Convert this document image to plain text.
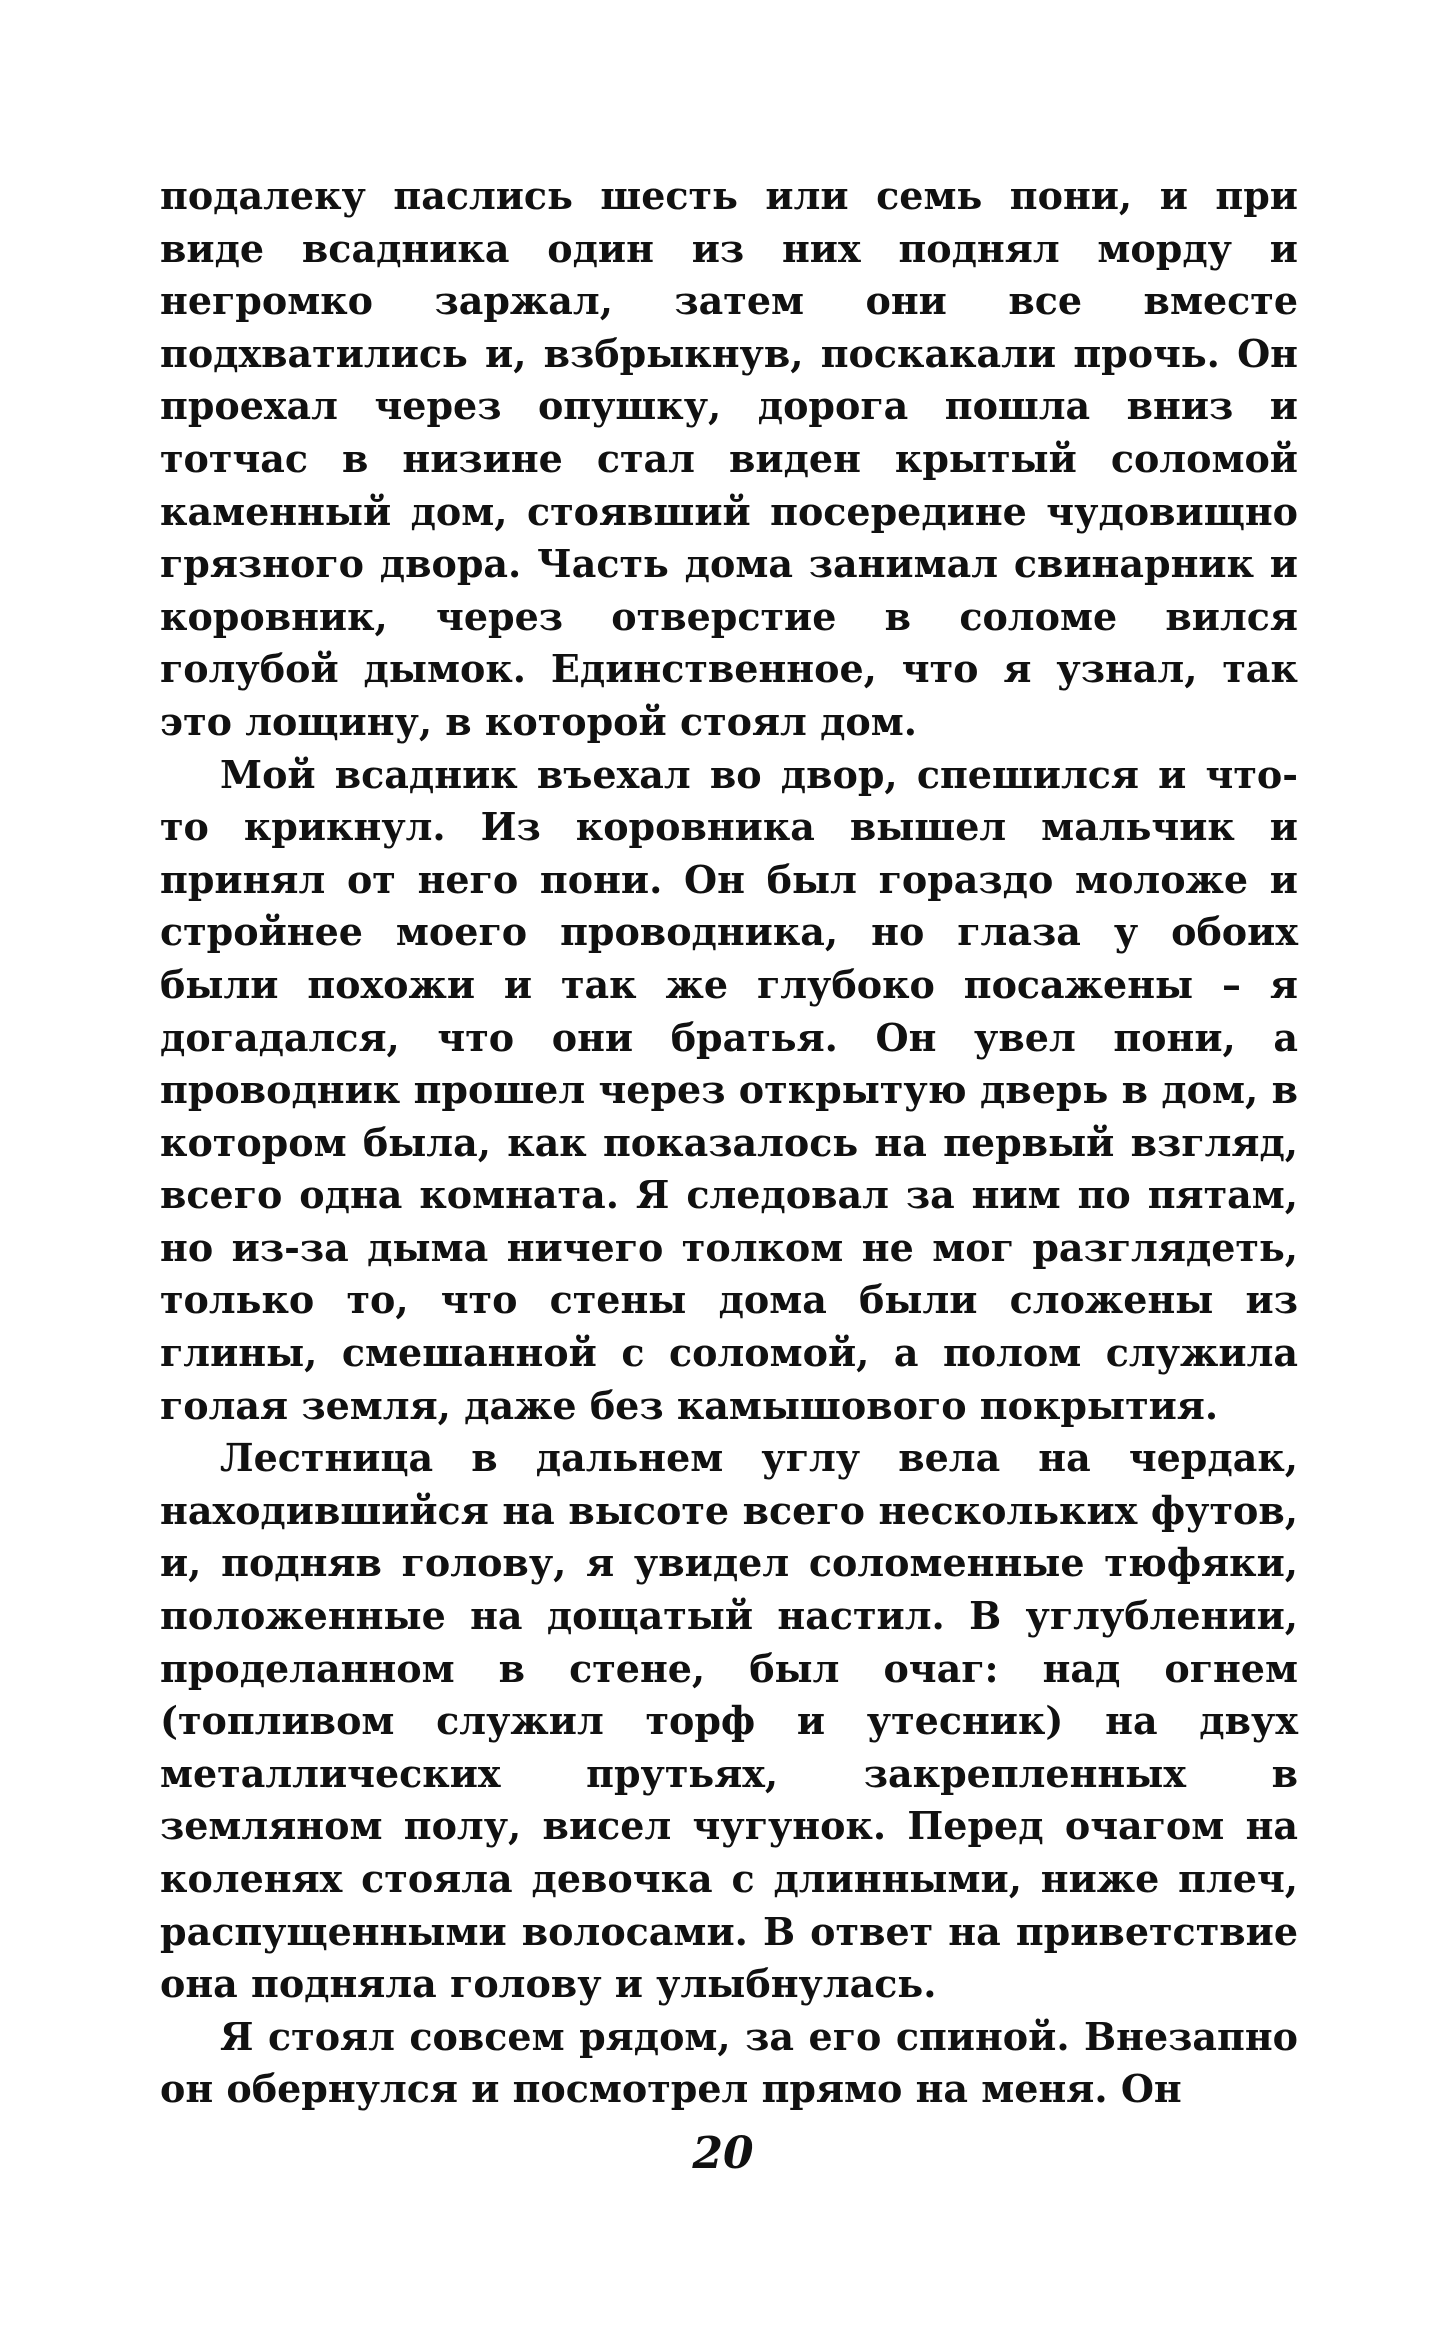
подалеку паслись шесть или семь пони, и при виде всадника один из них поднял морду и негромко заржал, затем они все вместе подхватились и, взбрыкнув, поскакали прочь. Он проехал через опушку, дорога пошла вниз и тотчас в низине стал виден крытый соломой каменный дом, стоявший посередине чудовищно грязного двора. Часть дома занимал свинарник и коровник, через отверстие в соломе вился голубой дымок. Единственное, что я узнал, так это лощину, в которой стоял дом.

Мой всадник въехал во двор, спешился и что-то крикнул. Из коровника вышел мальчик и принял от него пони. Он был гораздо моложе и стройнее моего проводника, но глаза у обоих были похожи и так же глубоко посажены – я догадался, что они братья. Он увел пони, а проводник прошел через открытую дверь в дом, в котором была, как показалось на первый взгляд, всего одна комната. Я следовал за ним по пятам, но из-за дыма ничего толком не мог разглядеть, только то, что стены дома были сложены из глины, смешанной с соломой, а полом служила голая земля, даже без камышового покрытия.

Лестница в дальнем углу вела на чердак, находившийся на высоте всего нескольких футов, и, подняв голову, я увидел соломенные тюфяки, положенные на дощатый настил. В углублении, проделанном в стене, был очаг: над огнем (топливом служил торф и утесник) на двух металлических прутьях, закрепленных в земляном полу, висел чугунок. Перед очагом на коленях стояла девочка с длинными, ниже плеч, распущенными волосами. В ответ на приветствие она подняла голову и улыбнулась.

Я стоял совсем рядом, за его спиной. Внезапно он обернулся и посмотрел прямо на меня. Он

20
